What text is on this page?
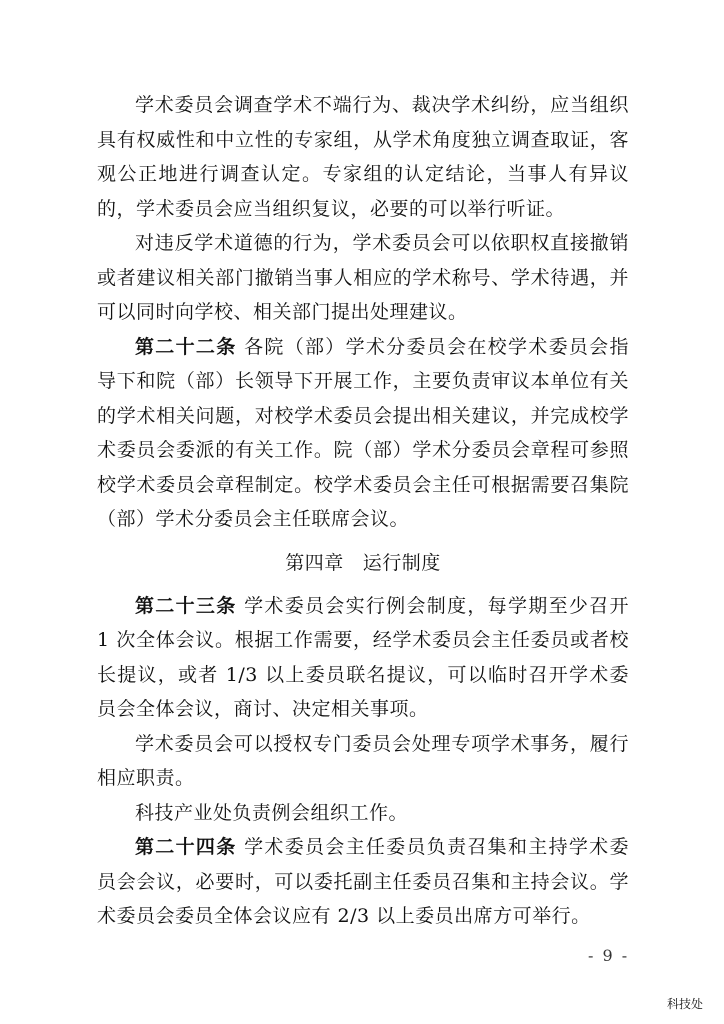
学术委员会调查学术不端行为、裁决学术纠纷，应当组织具有权威性和中立性的专家组，从学术角度独立调查取证，客观公正地进行调查认定。专家组的认定结论，当事人有异议的，学术委员会应当组织复议，必要的可以举行听证。

对违反学术道德的行为，学术委员会可以依职权直接撤销或者建议相关部门撤销当事人相应的学术称号、学术待遇，并可以同时向学校、相关部门提出处理建议。

第二十二条 各院（部）学术分委员会在校学术委员会指导下和院（部）长领导下开展工作，主要负责审议本单位有关的学术相关问题，对校学术委员会提出相关建议，并完成校学术委员会委派的有关工作。院（部）学术分委员会章程可参照校学术委员会章程制定。校学术委员会主任可根据需要召集院（部）学术分委员会主任联席会议。

第四章 运行制度

第二十三条 学术委员会实行例会制度，每学期至少召开 1 次全体会议。根据工作需要，经学术委员会主任委员或者校长提议，或者 1/3 以上委员联名提议，可以临时召开学术委员会全体会议，商讨、决定相关事项。

学术委员会可以授权专门委员会处理专项学术事务，履行相应职责。

科技产业处负责例会组织工作。

第二十四条 学术委员会主任委员负责召集和主持学术委员会会议，必要时，可以委托副主任委员召集和主持会议。学术委员会委员全体会议应有 2/3 以上委员出席方可举行。

- 9 -
科技处
